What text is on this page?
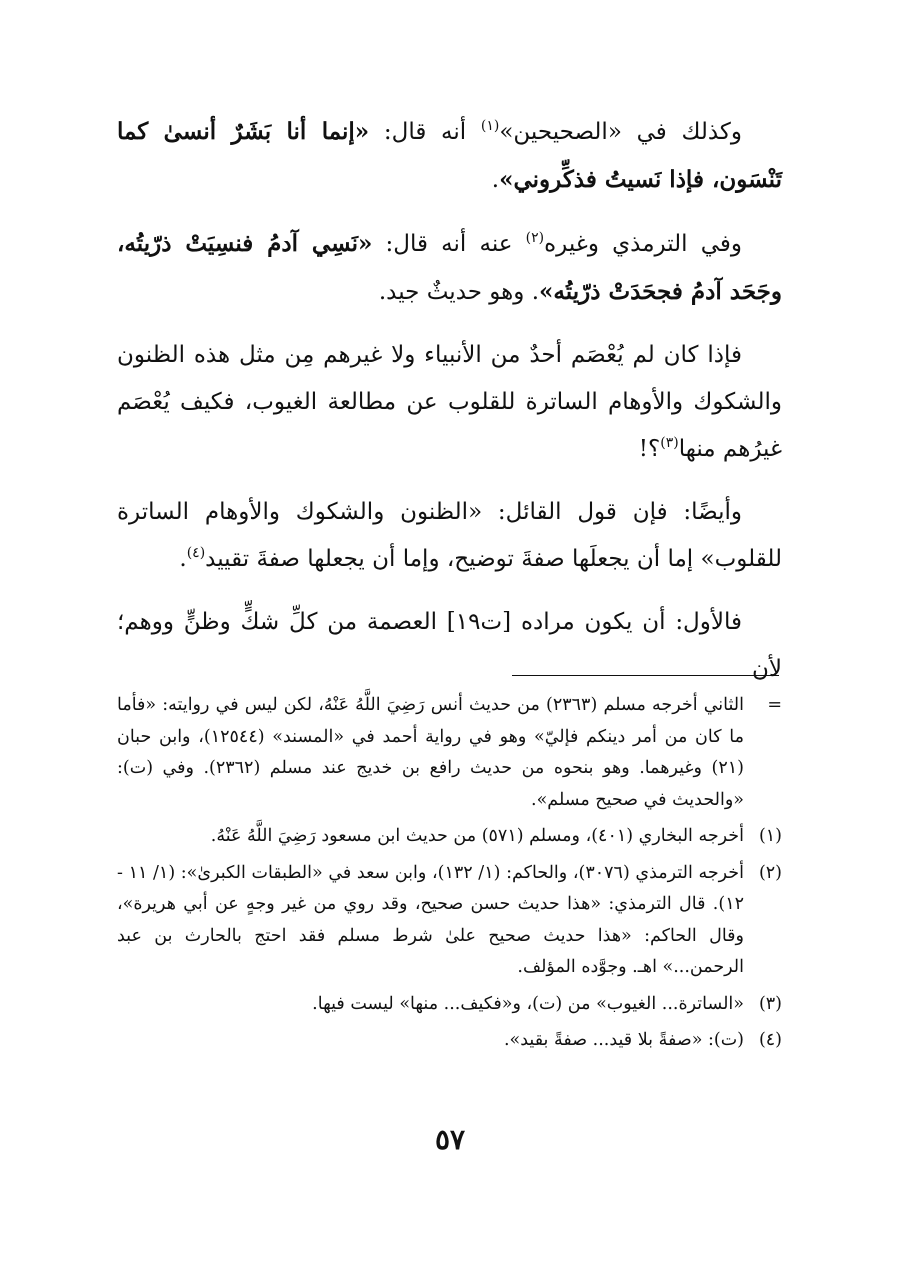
وكذلك في «الصحيحين»$^{(١)}$ أنه قال: «إنما أنا بَشَرٌ أنسىٰ كما تَنْسَون، فإذا نَسيتُ فذكِّروني».

وفي الترمذي وغيره$^{(٢)}$ عنه أنه قال: «نَسِي آدمُ فنسِيَتْ ذرّيتُه، وجَحَد آدمُ فجحَدَتْ ذرّيتُه». وهو حديثٌ جيد.

فإذا كان لم يُعْصَم أحدٌ من الأنبياء ولا غيرهم مِن مثل هذه الظنون والشكوك والأوهام الساترة للقلوب عن مطالعة الغيوب، فكيف يُعْصَم غيرُهم منها$^{(٣)}$؟!

وأيضًا: فإن قول القائل: «الظنون والشكوك والأوهام الساترة للقلوب» إما أن يجعلَها صفةَ توضيح، وإما أن يجعلها صفةَ تقييد$^{(٤)}$.

فالأول: أن يكون مراده [ت١٩] العصمة من كلِّ شكٍّ وظنٍّ ووهم؛ لأن

=
الثاني أخرجه مسلم (٢٣٦٣) من حديث أنس رَضِيَ اللَّهُ عَنْهُ، لكن ليس في روايته: «فأما ما كان من أمر دينكم فإليّ» وهو في رواية أحمد في «المسند» (١٢٥٤٤)، وابن حبان (٢١) وغيرهما. وهو بنحوه من حديث رافع بن خديج عند مسلم (٢٣٦٢). وفي (ت): «والحديث في صحيح مسلم».
(١)
أخرجه البخاري (٤٠١)، ومسلم (٥٧١) من حديث ابن مسعود رَضِيَ اللَّهُ عَنْهُ.
(٢)
أخرجه الترمذي (٣٠٧٦)، والحاكم: (١/ ١٣٢)، وابن سعد في «الطبقات الكبرىٰ»: (١/ ١١ - ١٢). قال الترمذي: «هذا حديث حسن صحيح، وقد روي من غير وجهٍ عن أبي هريرة»، وقال الحاكم: «هذا حديث صحيح علىٰ شرط مسلم فقد احتج بالحارث بن عبد الرحمن...» اهـ. وجوَّده المؤلف.
(٣)
«الساترة... الغيوب» من (ت)، و«فكيف... منها» ليست فيها.
(٤)
(ت): «صفةً بلا قيد... صفةً بقيد».
٥٧
